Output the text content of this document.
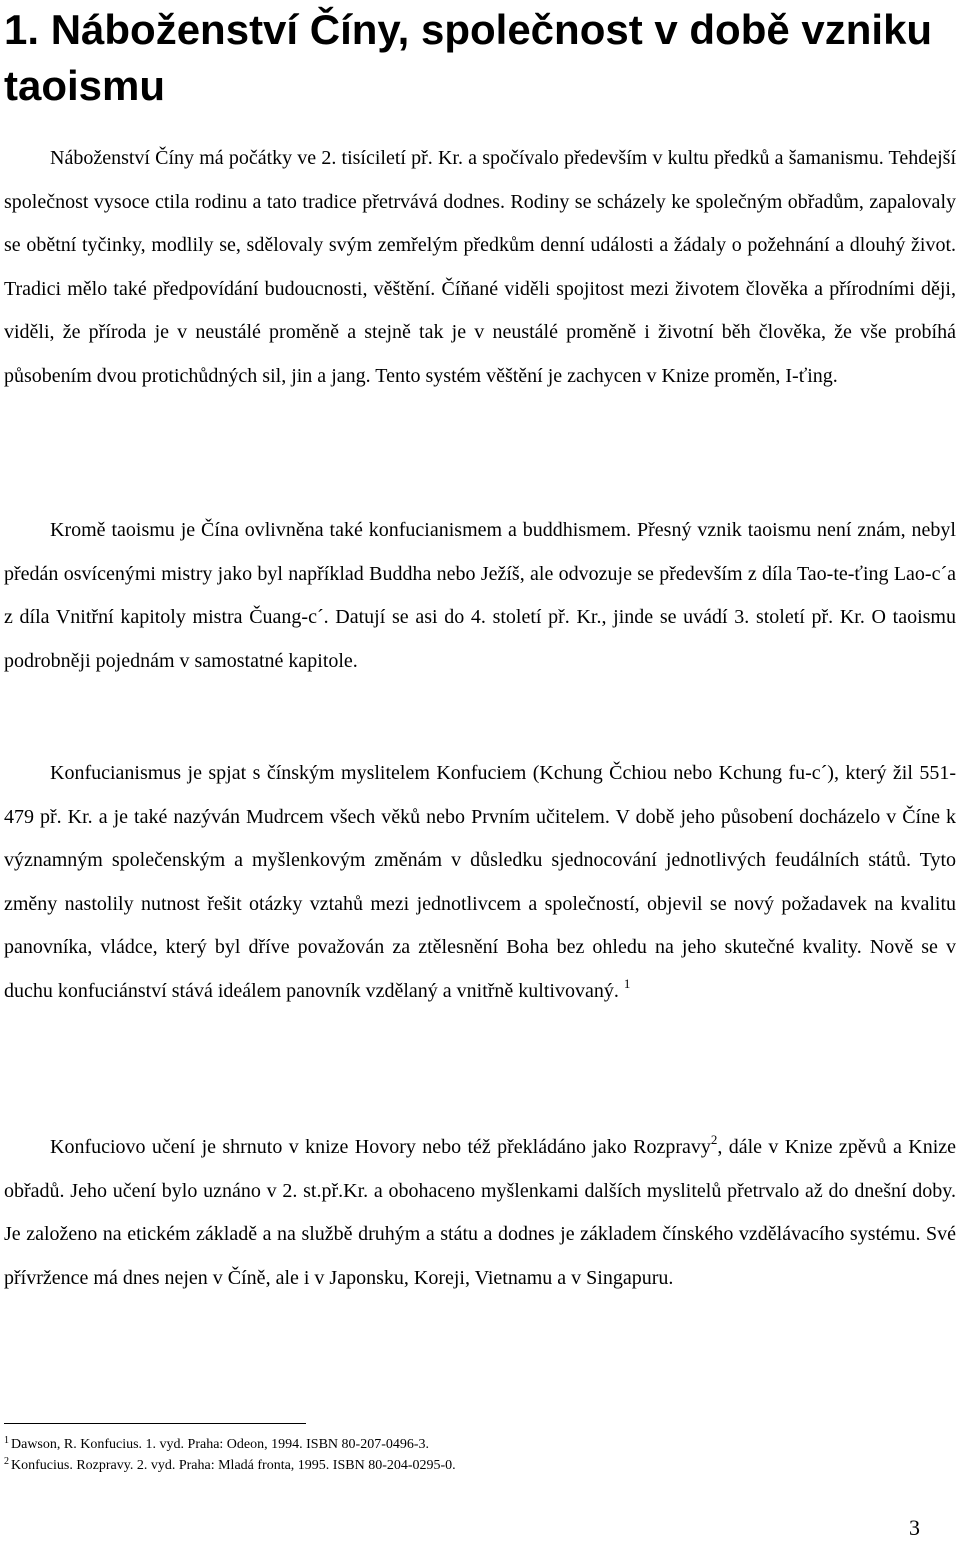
1. Náboženství Číny, společnost v době vzniku taoismu

Náboženství Číny má počátky ve 2. tisíciletí př. Kr. a spočívalo především v kultu předků a šamanismu. Tehdejší společnost vysoce ctila rodinu a tato tradice přetrvává dodnes. Rodiny se scházely ke společným obřadům, zapalovaly se obětní tyčinky, modlily se, sdělovaly svým zemřelým předkům denní události a žádaly o požehnání a dlouhý život. Tradici mělo také předpovídání budoucnosti, věštění. Číňané viděli spojitost mezi životem člověka a přírodními ději, viděli, že příroda je v neustálé proměně a stejně tak je v neustálé proměně i životní běh člověka, že vše probíhá působením dvou protichůdných sil, jin a jang. Tento systém věštění je zachycen v Knize proměn, I-ťing.

Kromě taoismu je Čína ovlivněna také konfucianismem a buddhismem. Přesný vznik taoismu není znám, nebyl předán osvícenými mistry jako byl například Buddha nebo Ježíš, ale odvozuje se především z díla Tao-te-ťing Lao-c´a z díla Vnitřní kapitoly mistra Čuang-c´. Datují se asi do 4. století př. Kr., jinde se uvádí 3. století př. Kr. O taoismu podrobněji pojednám v samostatné kapitole.

Konfucianismus je spjat s čínským myslitelem Konfuciem (Kchung Čchiou nebo Kchung fu-c´), který žil 551-479 př. Kr. a je také nazýván Mudrcem všech věků nebo Prvním učitelem. V době jeho působení docházelo v Číne k významným společenským a myšlenkovým změnám v důsledku sjednocování jednotlivých feudálních států. Tyto změny nastolily nutnost řešit otázky vztahů mezi jednotlivcem a společností, objevil se nový požadavek na kvalitu panovníka, vládce, který byl dříve považován za ztělesnění Boha bez ohledu na jeho skutečné kvality. Nově se v duchu konfuciánství stává ideálem panovník vzdělaný a vnitřně kultivovaný. $^1$

Konfuciovo učení je shrnuto v knize Hovory nebo též překládáno jako Rozpravy$^2$, dále v Knize zpěvů a Knize obřadů. Jeho učení bylo uznáno v 2. st.př.Kr. a obohaceno myšlenkami dalších myslitelů přetrvalo až do dnešní doby. Je založeno na etickém základě a na službě druhým a státu a dodnes je základem čínského vzdělávacího systému. Své přívržence má dnes nejen v Číně, ale i v Japonsku, Koreji, Vietnamu a v Singapuru.

$^1$ Dawson, R. Konfucius. 1. vyd. Praha: Odeon, 1994. ISBN 80-207-0496-3.

$^2$ Konfucius. Rozpravy. 2. vyd. Praha: Mladá fronta, 1995. ISBN 80-204-0295-0.

3
